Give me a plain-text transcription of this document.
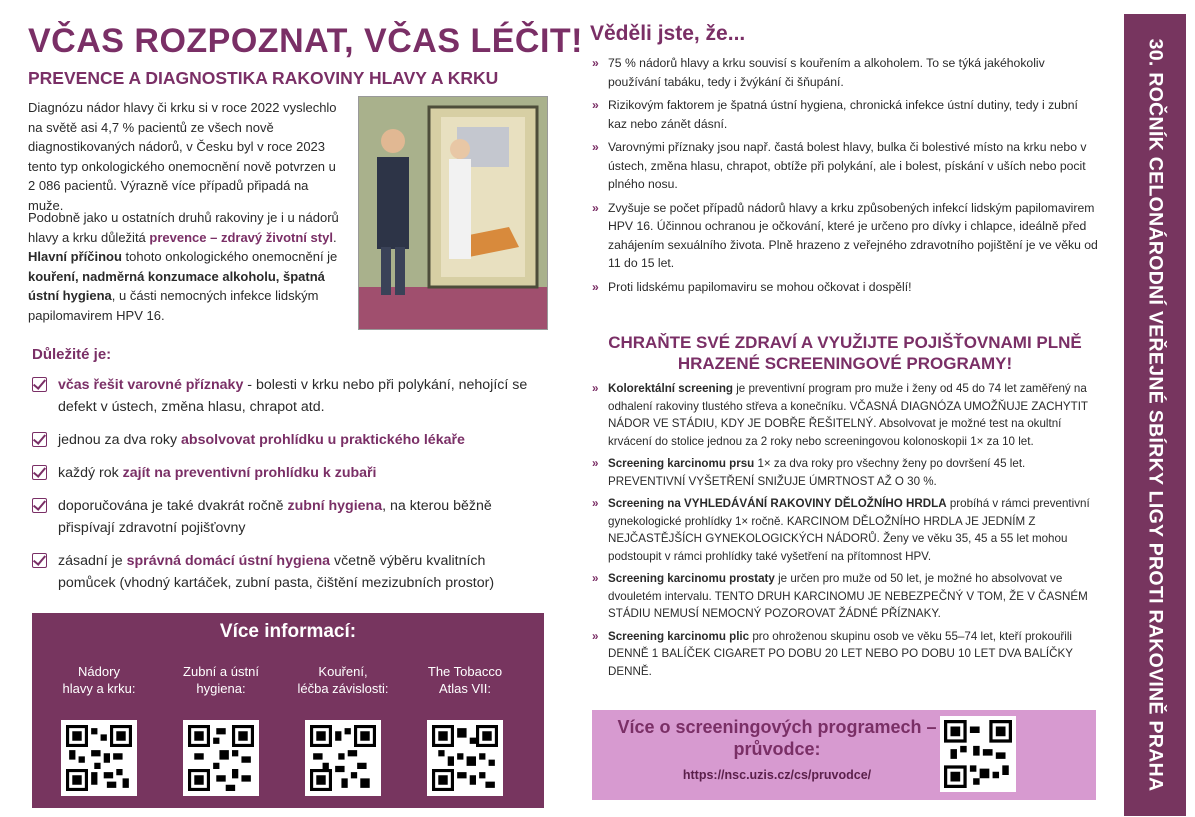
VČAS ROZPOZNAT, VČAS LÉČIT!
PREVENCE A DIAGNOSTIKA RAKOVINY HLAVY A KRKU

Diagnózu nádor hlavy či krku si v roce 2022 vyslechlo na světě asi 4,7 % pacientů ze všech nově diagnostikovaných nádorů, v Česku byl v roce 2023 tento typ onkologického onemocnění nově potvrzen u 2 086 pacientů. Výrazně více případů připadá na muže.

Podobně jako u ostatních druhů rakoviny je i u nádorů hlavy a krku důležitá prevence – zdravý životní styl. Hlavní příčinou tohoto onkologického onemocnění je kouření, nadměrná konzumace alkoholu, špatná ústní hygiena, u části nemocných infekce lidským papilomavirem HPV 16.

Důležité je:
včas řešit varovné příznaky - bolesti v krku nebo při polykání, nehojící se defekt v ústech, změna hlasu, chrapot atd.
jednou za dva roky absolvovat prohlídku u praktického lékaře
každý rok zajít na preventivní prohlídku k zubaři
doporučována je také dvakrát ročně zubní hygiena, na kterou běžně přispívají zdravotní pojišťovny
zásadní je správná domácí ústní hygiena včetně výběru kvalitních pomůcek (vhodný kartáček, zubní pasta, čištění mezizubních prostor)
Více informací:
Nádory
hlavy a krku:
Zubní a ústní
hygiena:
Kouření,
léčba závislosti:
The Tobacco
Atlas VII:
Věděli jste, že...
» 75 % nádorů hlavy a krku souvisí s kouřením a alkoholem. To se týká jakéhokoliv používání tabáku, tedy i žvýkání či šňupání.
» Rizikovým faktorem je špatná ústní hygiena, chronická infekce ústní dutiny, tedy i zubní kaz nebo zánět dásní.
» Varovnými příznaky jsou např. častá bolest hlavy, bulka či bolestivé místo na krku nebo v ústech, změna hlasu, chrapot, obtíže při polykání, ale i bolest, pískání v uších nebo pocit plného nosu.
» Zvyšuje se počet případů nádorů hlavy a krku způsobených infekcí lidským papilomavirem HPV 16. Účinnou ochranou je očkování, které je určeno pro dívky i chlapce, ideálně před zahájením sexuálního života. Plně hrazeno z veřejného zdravotního pojištění je ve věku od 11 do 15 let.
» Proti lidskému papilomaviru se mohou očkovat i dospělí!
CHRAŇTE SVÉ ZDRAVÍ A VYUŽIJTE POJIŠŤOVNAMI PLNĚ HRAZENÉ SCREENINGOVÉ PROGRAMY!
» Kolorektální screening je preventivní program pro muže i ženy od 45 do 74 let zaměřený na odhalení rakoviny tlustého střeva a konečníku. VČASNÁ DIAGNÓZA UMOŽŇUJE ZACHYTIT NÁDOR VE STÁDIU, KDY JE DOBŘE ŘEŠITELNÝ. Absolvovat je možné test na okultní krvácení do stolice jednou za 2 roky nebo screeningovou kolonoskopii 1× za 10 let.
» Screening karcinomu prsu 1× za dva roky pro všechny ženy po dovršení 45 let. PREVENTIVNÍ VYŠETŘENÍ SNIŽUJE ÚMRTNOST AŽ O 30 %.
» Screening na VYHLEDÁVÁNÍ RAKOVINY DĚLOŽNÍHO HRDLA probíhá v rámci preventivní gynekologické prohlídky 1× ročně. KARCINOM DĚLOŽNÍHO HRDLA JE JEDNÍM Z NEJČASTĚJŠÍCH GYNEKOLOGICKÝCH NÁDORŮ. Ženy ve věku 35, 45 a 55 let mohou podstoupit v rámci prohlídky také vyšetření na přítomnost HPV.
» Screening karcinomu prostaty je určen pro muže od 50 let, je možné ho absolvovat ve dvouletém intervalu. TENTO DRUH KARCINOMU JE NEBEZPEČNÝ V TOM, ŽE V ČASNÉM STÁDIU NEMUSÍ NEMOCNÝ POZOROVAT ŽÁDNÉ PŘÍZNAKY.
» Screening karcinomu plic pro ohroženou skupinu osob ve věku 55–74 let, kteří prokouřili DENNĚ 1 BALÍČEK CIGARET PO DOBU 20 LET NEBO PO DOBU 10 LET DVA BALÍČKY DENNĚ.
Více o screeningových programech – průvodce:
https://nsc.uzis.cz/cs/pruvodce/	30. ROČNÍK CELONÁRODNÍ VEŘEJNÉ SBÍRKY LIGY PROTI RAKOVINĚ PRAHA
